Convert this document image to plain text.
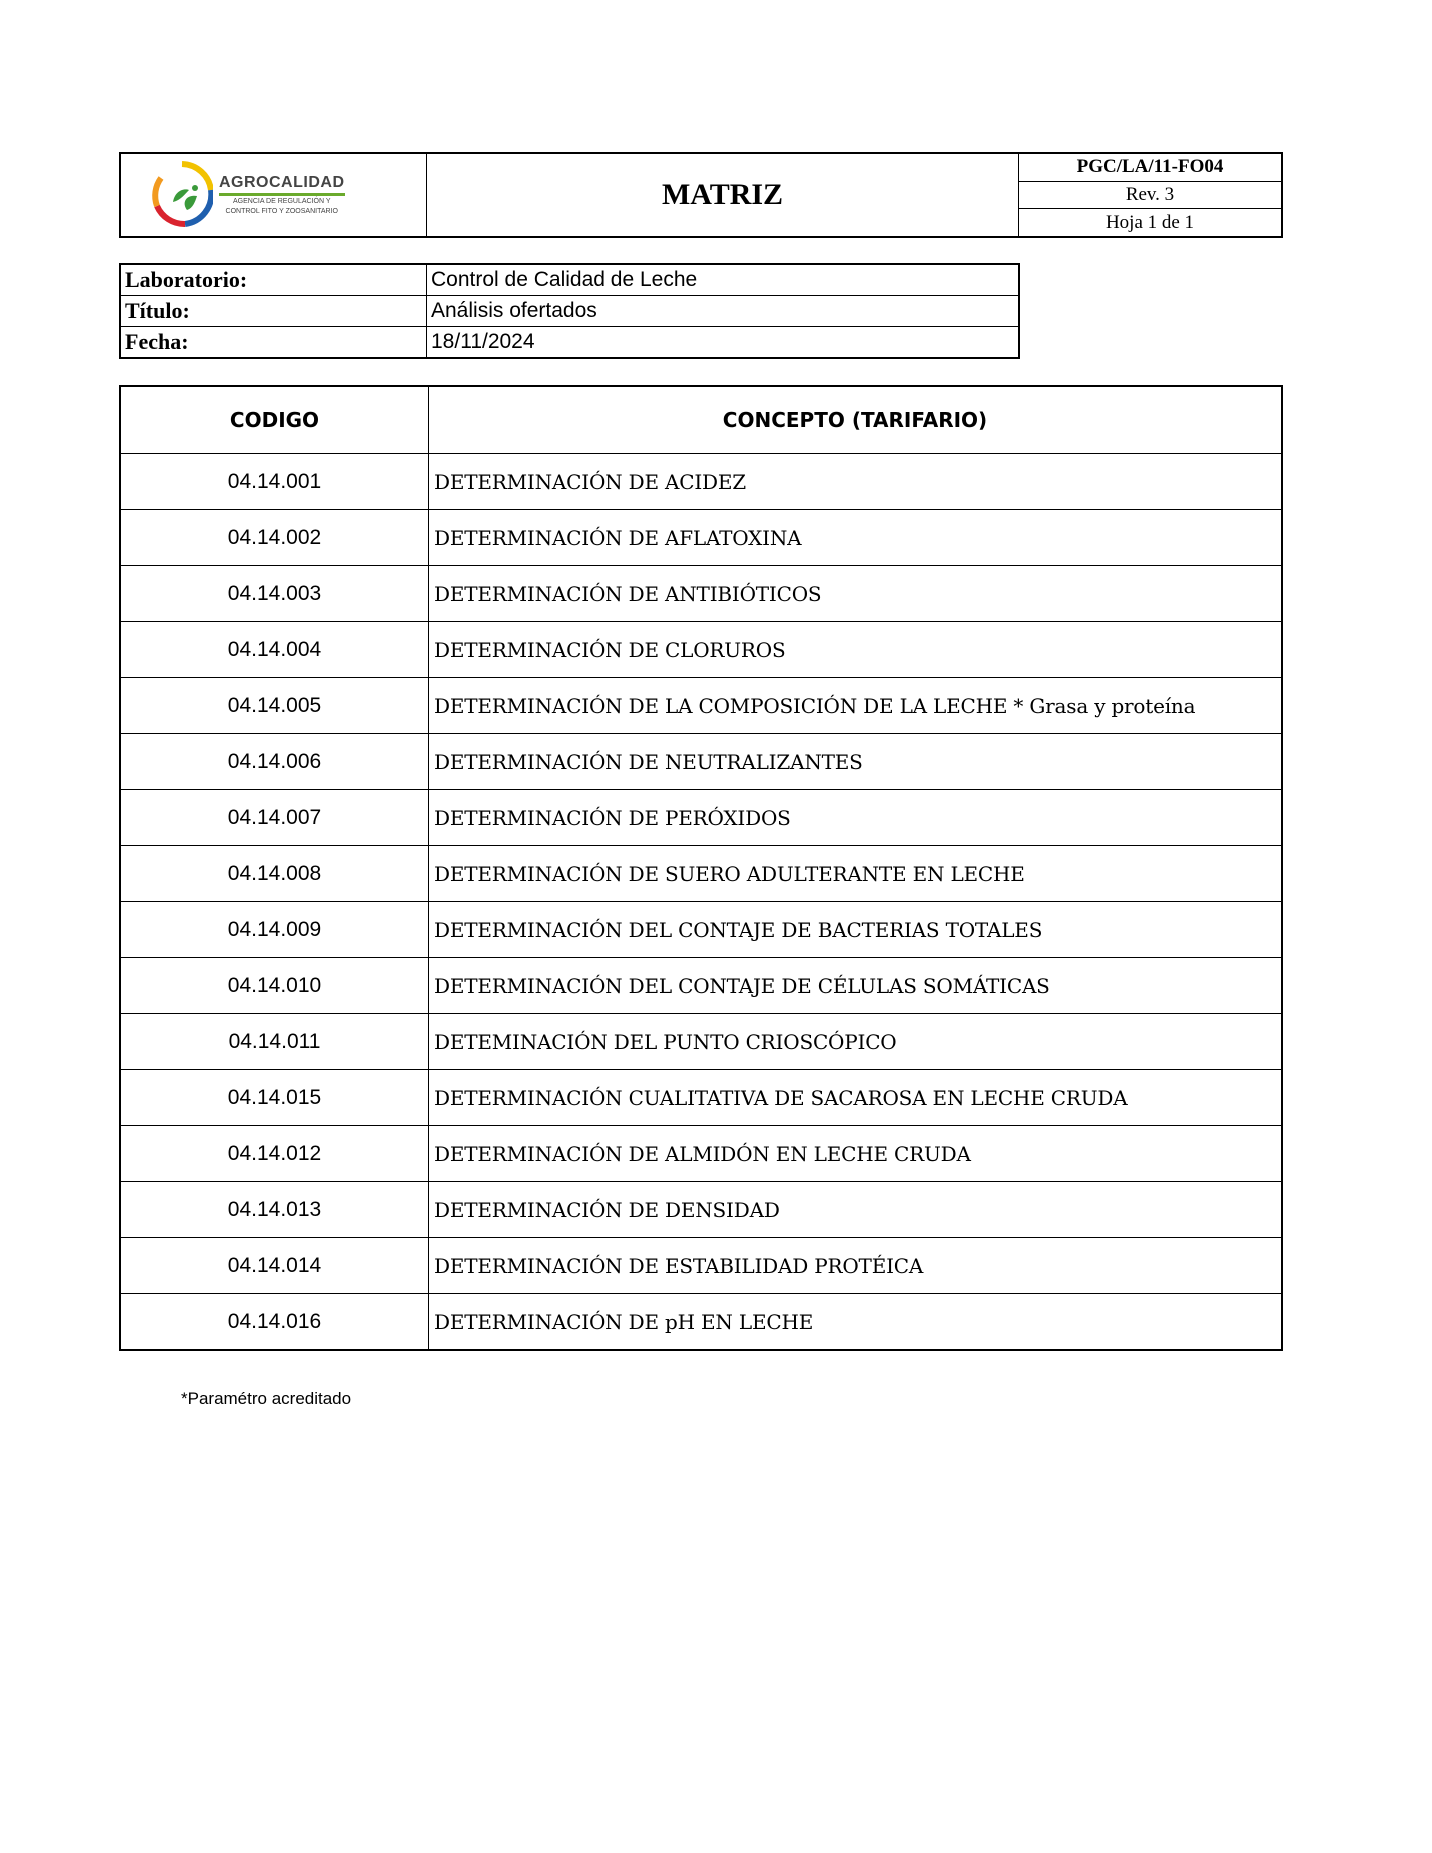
AGROCALIDAD
AGENCIA DE REGULACIÓN Y
CONTROL FITO Y ZOOSANITARIO
	MATRIZ	
PGC/LA/11-FO04
Rev. 3
Hoja 1 de 1

Laboratorio:	Control de Calidad de Leche
Título:	Análisis ofertados
Fecha:	18/11/2024
CODIGO	CONCEPTO (TARIFARIO)
04.14.001	DETERMINACIÓN DE ACIDEZ
04.14.002	DETERMINACIÓN DE AFLATOXINA
04.14.003	DETERMINACIÓN DE ANTIBIÓTICOS
04.14.004	DETERMINACIÓN DE CLORUROS
04.14.005	DETERMINACIÓN DE LA COMPOSICIÓN DE LA LECHE * Grasa y proteína
04.14.006	DETERMINACIÓN DE NEUTRALIZANTES
04.14.007	DETERMINACIÓN DE PERÓXIDOS
04.14.008	DETERMINACIÓN DE SUERO ADULTERANTE EN LECHE
04.14.009	DETERMINACIÓN DEL CONTAJE DE BACTERIAS TOTALES
04.14.010	DETERMINACIÓN DEL CONTAJE DE CÉLULAS SOMÁTICAS
04.14.011	DETEMINACIÓN DEL PUNTO CRIOSCÓPICO
04.14.015	DETERMINACIÓN CUALITATIVA DE SACAROSA EN LECHE CRUDA
04.14.012	DETERMINACIÓN DE ALMIDÓN EN LECHE CRUDA
04.14.013	DETERMINACIÓN DE DENSIDAD
04.14.014	DETERMINACIÓN DE ESTABILIDAD PROTÉICA
04.14.016	DETERMINACIÓN DE pH EN LECHE
*Paramétro acreditado
